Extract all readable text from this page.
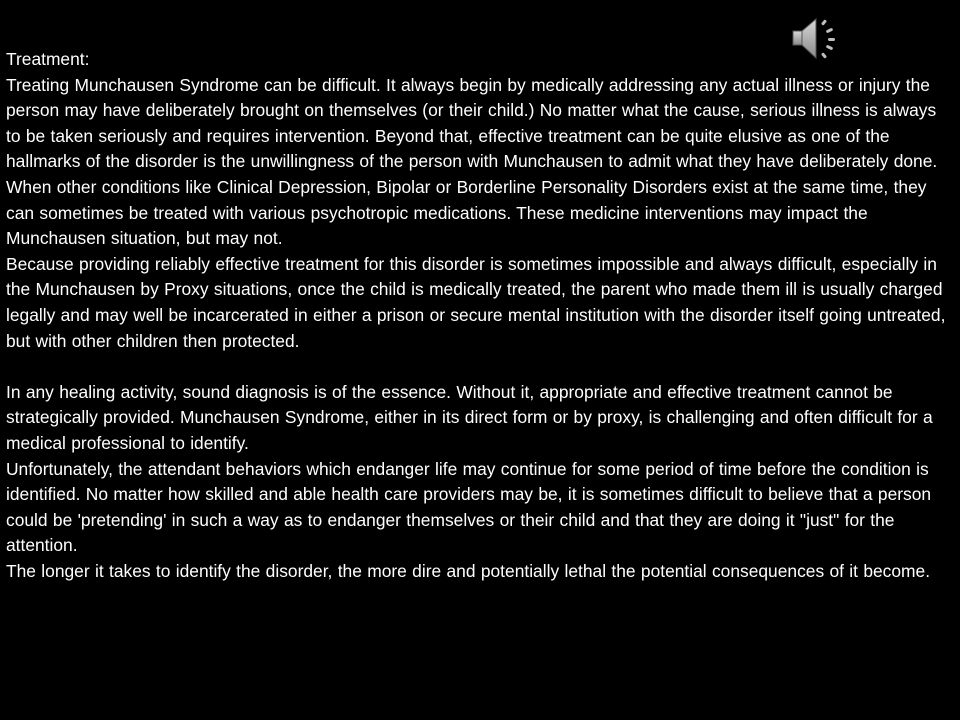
Treatment:

Treating Munchausen Syndrome can be difficult. It always begin by medically addressing any actual illness or injury the person may have deliberately brought on themselves (or their child.) No matter what the cause, serious illness is always to be taken seriously and requires intervention. Beyond that, effective treatment can be quite elusive as one of the hallmarks of the disorder is the unwillingness of the person with Munchausen to admit what they have deliberately done.

When other conditions like Clinical Depression, Bipolar or Borderline Personality Disorders exist at the same time, they can sometimes be treated with various psychotropic medications. These medicine interventions may impact the Munchausen situation, but may not.

Because providing reliably effective treatment for this disorder is sometimes impossible and always difficult, especially in the Munchausen by Proxy situations, once the child is medically treated, the parent who made them ill is usually charged legally and may well be incarcerated in either a prison or secure mental institution with the disorder itself going untreated, but with other children then protected.

In any healing activity, sound diagnosis is of the essence. Without it, appropriate and effective treatment cannot be strategically provided. Munchausen Syndrome, either in its direct form or by proxy, is challenging and often difficult for a medical professional to identify.

Unfortunately, the attendant behaviors which endanger life may continue for some period of time before the condition is identified. No matter how skilled and able health care providers may be, it is sometimes difficult to believe that a person could be 'pretending' in such a way as to endanger themselves or their child and that they are doing it "just" for the attention.

The longer it takes to identify the disorder, the more dire and potentially lethal the potential consequences of it become.
